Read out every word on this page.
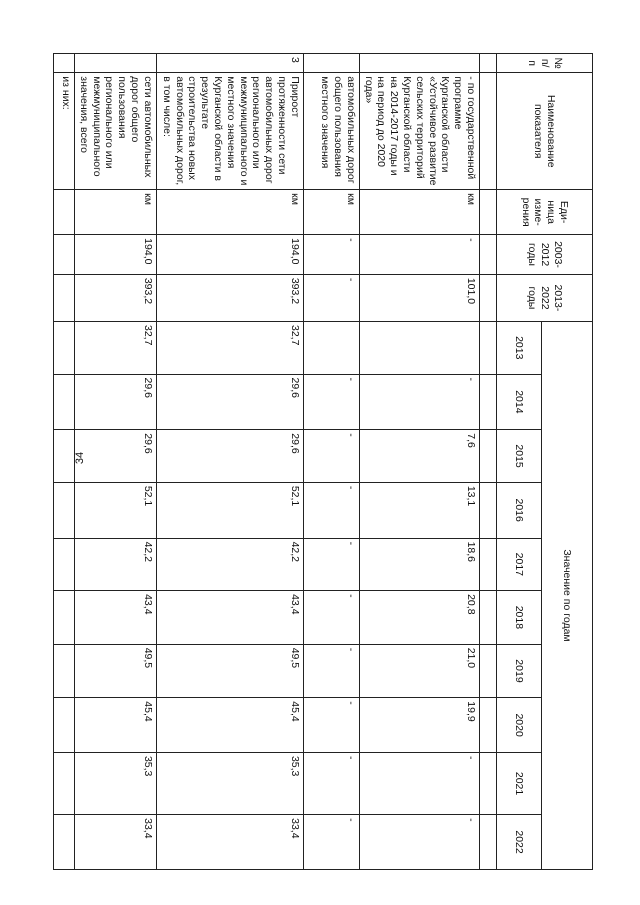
34
№ п/п	Наименование показателя	Еди-ница изме-рения	2003-2012 годы	2013-2022 годы	Значение по годам									
					2013	2014	2015	2016	2017	2018	2019	2020	2021	2022

	- по государственной программе Курганской области «Устойчивое развитие сельских территорий Курганской области на 2014-2017 годы и на период до 2020 года»	км	-	101,0		-	7,6	13,1	18,6	20,8	21,0	19,9	-	-
	автомобильных дорог общего пользования местного значения	км	-	-		-	-	-	-	-	-	-	-	-
3	Прирост протяженности сети автомобильных дорог регионального или межмуниципального и местного значения Курганской области в результате строительства новых автомобильных дорог, в том числе:	км	194,0	393,2	32,7	29,6	29,6	52,1	42,2	43,4	49,5	45,4	35,3	33,4
	сети автомобильных дорог общего пользования регионального или межмуниципального значения, всего	км	194,0	393,2	32,7	29,6	29,6	52,1	42,2	43,4	49,5	45,4	35,3	33,4
	из них:													
